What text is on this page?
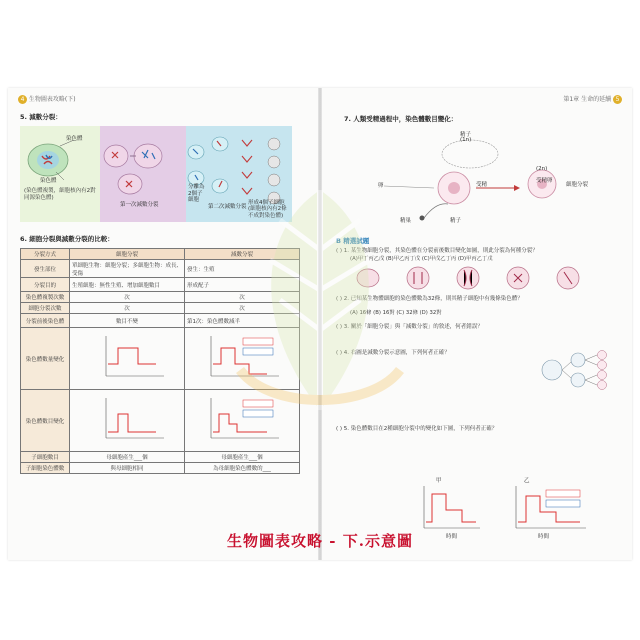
4 生物圖表攻略(下)
5. 減數分裂：
染色體
染色體
(染色體複製，細胞核內有2對同源染色體)
第一次減數分裂
分離為2個子細胞
第二次減數分裂
形成4個子細胞
(細胞核內有2條不成對染色體)
6. 細胞分裂與減數分裂的比較：
分裂方式	細胞分裂	減數分裂
發生部位	單細胞生物：細胞分裂；多細胞生物：成長、受傷	發生：生殖
分裂目的	生殖細胞：無性生殖、增加細胞數目	形成配子
染色體複製次數	次	次
細胞分裂次數	次	次
分裂前後染色體	數目不變	第1次：染色體數減半
染色體數量變化	

染色體數目變化	

子細胞數目	母細胞產生___個	母細胞產生___個
子細胞染色體數	與母細胞相同	為母細胞染色體數的___
第1章 生命的延續 5
7. 人類受精過程中，染色體數目變化：
精子
(1n)
卵	受精
受精卵
(2n)
細胞分裂
精巢	精子
B 精選試題
( ) 1. 某生物細胞分裂，其染色體在分裂前後數目變化如圖，則此分裂為何種分裂？
(A)甲丁丙乙戊 (B)甲乙丙丁戊 (C)甲戊乙丁丙 (D)甲丙乙丁戊
( ) 2. 已知某生物體細胞的染色體數為32條，則其精子細胞中有幾條染色體？
(A) 16條 (B) 16對 (C) 32條 (D) 32對
( ) 3. 關於「細胞分裂」與「減數分裂」的敘述，何者錯誤？
( ) 4. 右圖是減數分裂示意圖，下列何者正確？
( ) 5. 染色體數目在2種細胞分裂中的變化如下圖，下列何者正確？
甲	乙
時間	時間
生物圖表攻略 - 下.示意圖
